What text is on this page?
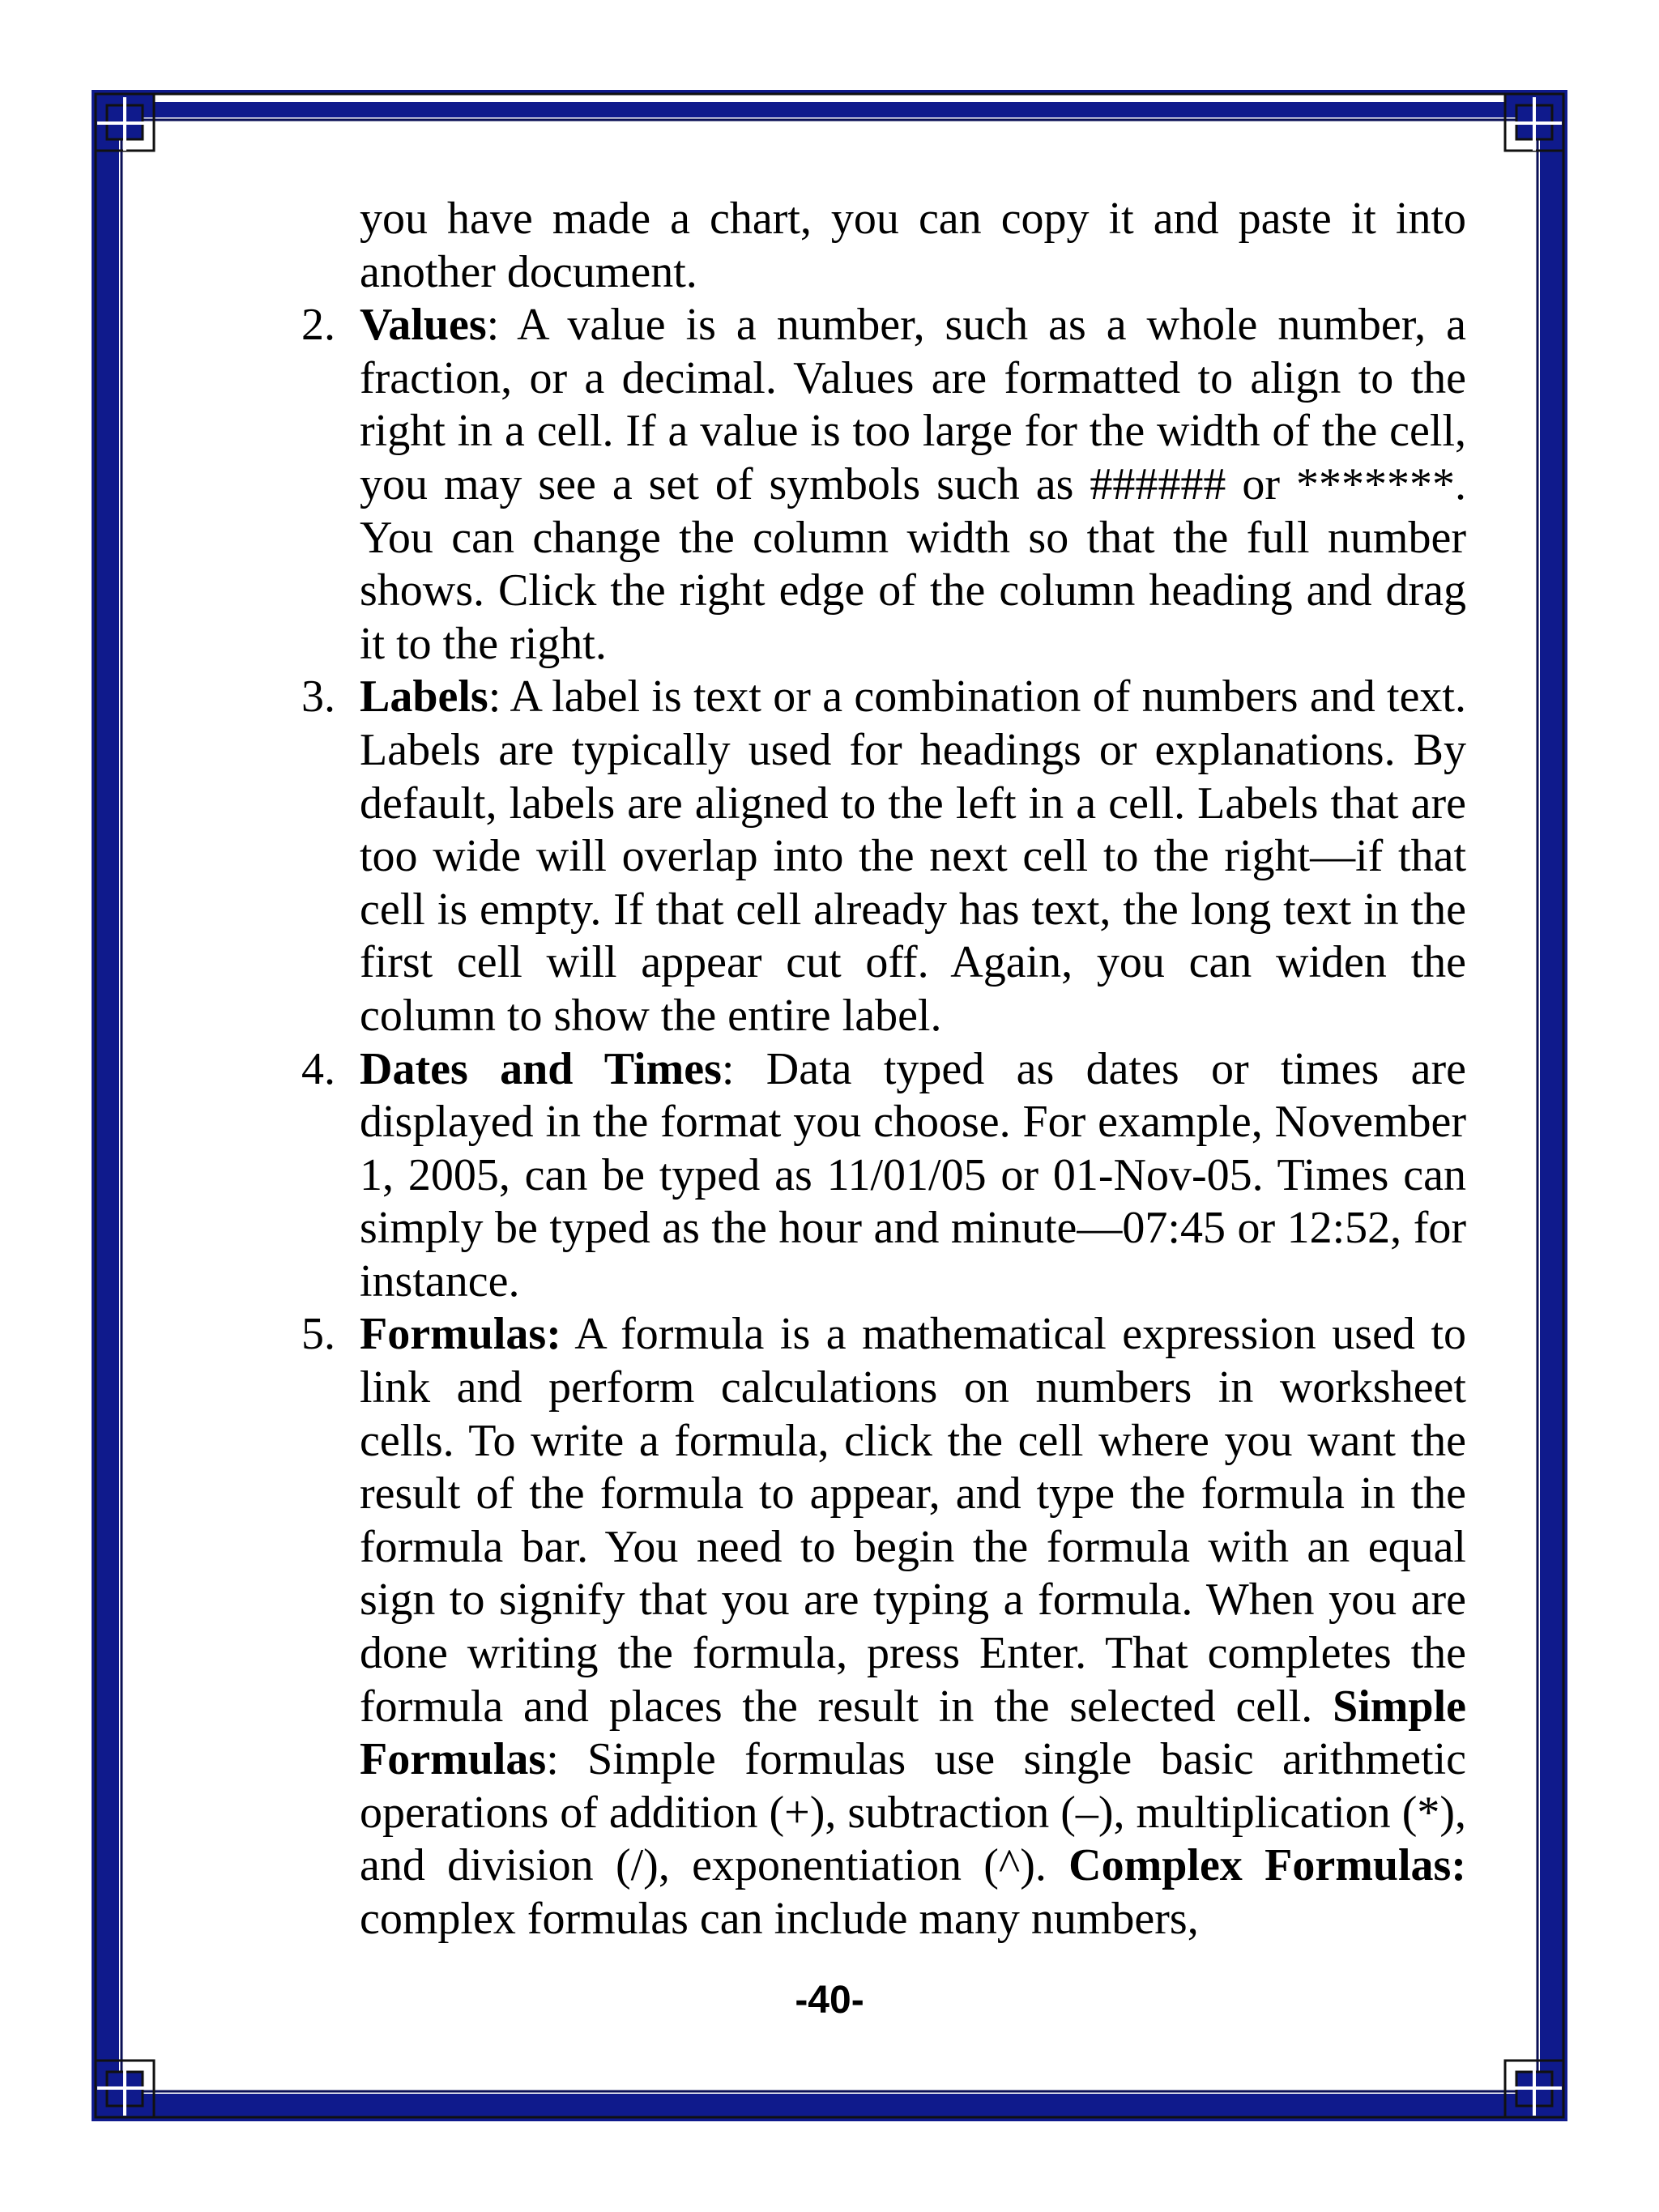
you have made a chart, you can copy it and paste it into another document.

2. Values: A value is a number, such as a whole number, a fraction, or a decimal. Values are formatted to align to the right in a cell. If a value is too large for the width of the cell, you may see a set of symbols such as ###### or *******. You can change the column width so that the full number shows. Click the right edge of the column heading and drag it to the right.

3. Labels: A label is text or a combination of numbers and text. Labels are typically used for headings or explanations. By default, labels are aligned to the left in a cell. Labels that are too wide will overlap into the next cell to the right—if that cell is empty. If that cell already has text, the long text in the first cell will appear cut off. Again, you can widen the column to show the entire label.

4. Dates and Times: Data typed as dates or times are displayed in the format you choose. For example, November 1, 2005, can be typed as 11/01/05 or 01-Nov-05. Times can simply be typed as the hour and minute—07:45 or 12:52, for instance.

5. Formulas: A formula is a mathematical expression used to link and perform calculations on numbers in worksheet cells. To write a formula, click the cell where you want the result of the formula to appear, and type the formula in the formula bar. You need to begin the formula with an equal sign to signify that you are typing a formula. When you are done writing the formula, press Enter. That completes the formula and places the result in the selected cell. Simple Formulas: Simple formulas use single basic arithmetic operations of addition (+), subtraction (–), multiplication (*), and division (/), exponentiation (^). Complex Formulas: complex formulas can include many numbers,

-40-
